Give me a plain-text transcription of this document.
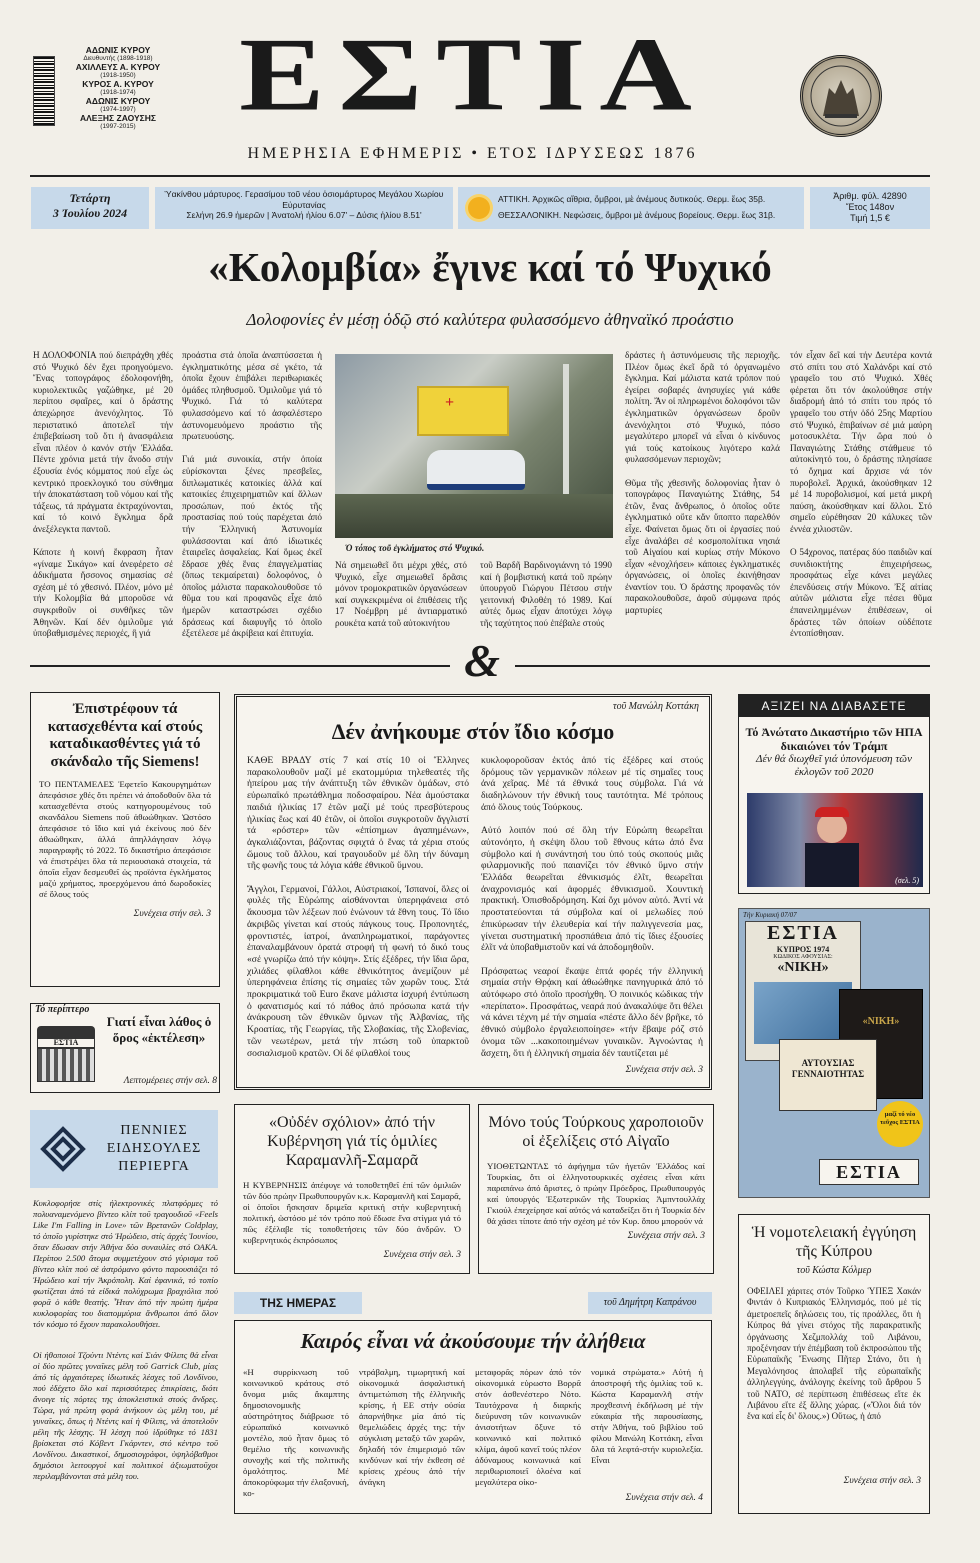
ΑΔΩΝΙΣ ΚΥΡΟΥ
Διευθυντής (1898-1918)
ΑΧΙΛΛΕΥΣ Α. ΚΥΡΟΥ
(1918-1950)
ΚΥΡΟΣ Α. ΚΥΡΟΥ
(1918-1974)
ΑΔΩΝΙΣ ΚΥΡΟΥ
(1974-1997)
ΑΛΕΞΗΣ ΖΑΟΥΣΗΣ
(1997-2015) ΕΣΤΙΑ
ΗΜΕΡΗΣΙΑ ΕΦΗΜΕΡΙΣ • ΕΤΟΣ ΙΔΡΥΣΕΩΣ 1876
Τετάρτη
3 Ἰουλίου 2024
Ὑακίνθου μάρτυρος. Γερασίμου τοῦ νέου ὁσιομάρτυρος Μεγάλου Χωρίου Εὐρυτανίας
Σελήνη 26.9 ἡμερῶν | Ἀνατολή ἡλίου 6.07' – Δύσις ἡλίου 8.51'
ΑΤΤΙΚΗ. Ἀρχικῶς αἴθρια, ὄμβροι, μὲ ἀνέμους δυτικούς. Θερμ. ἕως 35β.
ΘΕΣΣΑΛΟΝΙΚΗ. Νεφώσεις, ὄμβροι μὲ ἀνέμους βορείους. Θερμ. ἕως 31β.
Ἀριθμ. φύλ. 42890
Ἔτος 148ον
Τιμή 1,5 €
«Κολομβία» ἔγινε καί τό Ψυχικό
Δολοφονίες ἐν μέσῃ ὁδῷ στό καλύτερα φυλασσόμενο ἀθηναϊκό προάστιο
Η ΔΟΛΟΦΟΝΙΑ πού διεπράχθη χθές στό Ψυχικό δέν ἔχει προηγούμενο. Ἕνας τοπογράφος ἐδολοφονήθη, κυριολεκτικῶς γαζώθηκε, μέ 20 περίπου σφαῖρες, καί ὁ δράστης ἀπεχώρησε ἀνενόχλητος. Τό περιστατικό ἀποτελεῖ τήν ἐπιβεβαίωση τοῦ ὅτι ἡ ἀνασφάλεια εἶναι πλέον ὁ κανόν στήν Ἑλλάδα. Πέντε χρόνια μετά τήν ἄνοδο στήν ἐξουσία ἑνός κόμματος πού εἶχε ὡς κεντρικό προεκλογικό του σύνθημα τήν ἀποκατάσταση τοῦ νόμου καί τῆς τάξεως, τά πράγματα ἐκτραχύνονται, καί τό κοινό ἔγκλημα δρᾶ ἀνεξέλεγκτα παντοῦ.

Κάποτε ἡ κοινή ἔκφραση ἦταν «γίναμε Σικάγο» καί ἀνεφέρετο σέ ἀδικήματα ἥσσονος σημασίας σέ σχέση μέ τό χθεσινό. Πλέον, μόνο μέ τήν Κολομβία θά μποροῦσε νά συγκριθοῦν οἱ συνθῆκες τῶν Ἀθηνῶν. Καί δέν ὁμιλοῦμε γιά ὑποβαθμισμένες περιοχές, ἢ γιά
προάστια στά ὁποῖα ἀναπτύσσεται ἡ ἐγκληματικότης μέσα σέ γκέτο, τά ὁποῖα ἔχουν ἐπιβάλει περιθωριακές ὁμάδες πληθυσμοῦ. Ὁμιλοῦμε γιά τό Ψυχικό. Γιά τό καλύτερα φυλασσόμενο καί τό ἀσφαλέστερο ἀστυνομευόμενο προάστιο τῆς πρωτευούσης.

Γιά μιά συνοικία, στήν ὁποία εὑρίσκονται ξένες πρεσβεῖες, διπλωματικές κατοικίες ἀλλά καί κατοικίες ἐπιχειρηματιῶν καί ἄλλων προσώπων, πού ἐκτός τῆς προστασίας πού τούς παρέχεται ἀπό τήν Ἑλληνική Ἀστυνομία φυλάσσονται καί ἀπό ἰδιωτικές ἑταιρεῖες ἀσφαλείας. Καί ὅμως ἐκεῖ ἔδρασε χθές ἕνας ἐπαγγελματίας (ὅπως τεκμαίρεται) δολοφόνος, ὁ ὁποῖος μάλιστα παρακολουθοῦσε τό θῦμα του καί προφανῶς εἶχε ἀπό ἡμερῶν καταστρώσει σχέδιο δράσεως καί διαφυγῆς τό ὁποῖο ἐξετέλεσε μέ ἀκρίβεια καί ἐπιτυχία.
+
Ὁ τόπος τοῦ ἐγκλήματος στό Ψυχικό.
Νά σημειωθεῖ ὅτι μέχρι χθές, στό Ψυχικό, εἶχε σημειωθεῖ δρᾶσις μόνον τρομοκρατικῶν ὀργανώσεων καί συγκεκριμένα οἱ ἐπιθέσεις τῆς 17 Νοέμβρη μέ ἀντιαρματικό ρουκέτα κατά τοῦ αὐτοκινήτου
τοῦ Βαρδῆ Βαρδινογιάννη τό 1990 καί ἡ βομβιστική κατά τοῦ πρώην ὑπουργοῦ Γιώργου Πέτσου στήν γειτονική Φιλοθέη τό 1989. Καί αὐτές ὅμως εἶχαν ἀποτύχει λόγῳ τῆς ταχύτητος πού ἐπέβαλε στούς
δράστες ἡ ἀστυνόμευσις τῆς περιοχῆς. Πλέον ὅμως ἐκεῖ δρᾶ τό ὀργανωμένο ἔγκλημα. Καί μάλιστα κατά τρόπον πού ἐγείρει σοβαρές ἀνησυχίες γιά κάθε πολίτη. Ἄν οἱ πληρωμένοι δολοφόνοι τῶν ἐγκληματικῶν ὀργανώσεων δροῦν ἀνενόχλητοι στό Ψυχικό, πόσο μεγαλύτερο μπορεῖ νά εἶναι ὁ κίνδυνος γιά τούς κατοίκους λιγότερο καλά φυλασσόμενων περιοχῶν;

Θῦμα τῆς χθεσινῆς δολοφονίας ἦταν ὁ τοπογράφος Παναγιώτης Στάθης, 54 ἐτῶν, ἕνας ἄνθρωπος, ὁ ὁποῖος οὔτε ἐγκληματικό οὔτε κἄν ὕποπτο παρελθόν εἶχε. Φαίνεται ὅμως ὅτι οἱ ἐργασίες πού εἶχε ἀναλάβει σέ κοσμοπολίτικα νησιά τοῦ Αἰγαίου καί κυρίως στήν Μύκονο εἶχαν «ἐνοχλήσει» κάποιες ἐγκληματικές ὀργανώσεις, οἱ ὁποῖες ἐκινήθησαν ἐναντίον του. Ὁ δράστης προφανῶς τόν παρακολουθοῦσε, ἀφοῦ σύμφωνα πρός μαρτυρίες
τόν εἶχαν δεῖ καί τήν Δευτέρα κοντά στό σπίτι του στό Χαλάνδρι καί στό γραφεῖο του στό Ψυχικό. Χθές φέρεται ὅτι τόν ἀκολούθησε στήν διαδρομή ἀπό τό σπίτι του πρός τό γραφεῖο του στήν ὁδό 25ης Μαρτίου στό Ψυχικό, ἐπιβαίνων σέ μιά μαύρη μοτοσυκλέτα. Τήν ὥρα πού ὁ Παναγιώτης Στάθης στάθμευε τό αὐτοκίνητό του, ὁ δράστης πλησίασε τό ὄχημα καί ἄρχισε νά τόν πυροβολεῖ. Ἀρχικά, ἀκούσθηκαν 12 μέ 14 πυροβολισμοί, καί μετά μικρή παύση, ἀκούσθηκαν καί ἄλλοι. Στό σημεῖο εὑρέθησαν 20 κάλυκες τῶν ἐννέα χιλιοστῶν.

Ο 54χρονος, πατέρας δύο παιδιῶν καί συνιδιοκτήτης ἐπιχειρήσεως, προσφάτως εἶχε κάνει μεγάλες ἐπενδύσεις στήν Μύκονο. Ἐξ αἰτίας αὐτῶν μάλιστα εἶχε πέσει θῦμα ἐπανειλημμένων ἐπιθέσεων, οἱ δράστες τῶν ὁποίων οὐδέποτε ἐντοπίσθησαν.
&
Ἐπιστρέφουν τά κατασχεθέντα καί στούς καταδικασθέντες γιά τό σκάνδαλο τῆς Siemens!
ΤΟ ΠΕΝΤΑΜΕΛΕΣ Ἐφετεῖο Κακουργημάτων ἀπεφάσισε χθές ὅτι πρέπει νά ἀποδοθοῦν ὅλα τά κατασχεθέντα στούς κατηγορουμένους τοῦ σκανδάλου Siemens ποῦ ἀθωώθηκαν. Ὡστόσο ἀπεφάσισε τό ἴδιο καί γιά ἐκείνους πού δέν ἀθωώθηκαν, ἀλλά ἀπηλλάγησαν λόγῳ παραγραφῆς τό 2022. Τό δικαστήριο ἀπεφάσισε νά ἐπιστρέψει ὅλα τά περιουσιακά στοιχεία, τά ὁποῖα εἶχαν δεσμευθεῖ ὡς προϊόντα ἐγκλήματος μαζύ χρήματος, προερχόμενου ἀπό δωροδοκίες σέ ὅλους τούς
Συνέχεια στήν σελ. 3
Τό περίπτερο
ΕΣΤΙΑ
Γιατί εἶναι λάθος ὁ ὅρος «ἐκτέλεση»
Λεπτομέρειες στήν σελ. 8
ΠΕΝΝΙΕΣ ΕΙΔΗΣΟΥΛΕΣ ΠΕΡΙΕΡΓΑ
Κυκλοφορήσε στίς ἠλεκτρονικές πλατφόρμες τό πολυαναμενόμενο βίντεο κλίπ τοῦ τραγουδιοῦ «Feels Like I'm Falling in Love» τῶν Βρετανῶν Coldplay, τό ὁποῖο γυρίστηκε στό Ἡρώδειο, στίς ἀρχές Ἰουνίου, ὅταν ἔδωσαν στήν Ἀθήνα δύο συναυλίες στό ΟΑΚΑ. Περίπου 2.500 ἄτομα συμμετέχουν στό γύρισμα τοῦ βίντεο κλίπ πού σέ ἀστρόμανο φόντο παρουσιάζει τό Ἡρώδειο καί τήν Ἀκρόπολη. Καί ἐφανικά, τό τοπίο φωτίζεται ἀπό τά εἰδικά πολύχρωμα βραχιόλια πού φορᾶ ὁ κάθε θεατής. Ἦταν ἀπό τήν πρώτη ἡμέρα κυκλοφορίας του διαπομμύρια ἄνθρωποι ἀπό ὅλον τόν κόσμο τό ἔχουν παρακολουθήσει.
Οἱ ἠθοποιοί Τζούντι Ντέντς καί Σιάν Φίλιπς θά εἶναι οἱ δύο πρῶτες γυναῖκες μέλη τοῦ Garrick Club, μίας ἀπό τίς ἀρχαιότερες ἰδιωτικές λέσχες τοῦ Λονδίνου, πού ἐδέχετο ὅλο καί περισσότερες ἐπικρίσεις, διότι ἄνοιγε τίς πόρτες της ἀποκλειστικά στούς ἄνδρες. Τώρα, γιά πρώτη φορά ἀνήκουν ὡς μέλη του, μέ γυναῖκες, ὅπως ἡ Ντέντς καί ἡ Φίλιπς, νά ἀποτελοῦν μέλη τῆς λέσχης. Ἡ λέσχη πού ἱδρύθηκε τό 1831 βρίσκεται στό Κόβεντ Γκάρντεν, στό κέντρο τοῦ Λονδίνου. Δικαστικοί, δημοσιογράφοι, ὑψηλόβαθμοι δημόσιοι λειτουργοί καί πολιτικοί ἀξιωματοῦχοι περιλαμβάνονται στά μέλη του.
τοῦ Μανώλη Κοττάκη
Δέν ἀνήκουμε στόν ἴδιο κόσμο
ΚΑΘΕ ΒΡΑΔΥ στίς 7 καί στίς 10 οἱ Ἕλληνες παρακολουθοῦν μαζί μέ εκατομμύρια τηλεθεατές τῆς ἠπείρου μας τήν ἀνάπτυξη τῶν ἐθνικῶν ὁμάδων, στό εὐρωπαϊκό πρωτάθλημα ποδοσφαίρου. Νέα ἀμούστακα παιδιά ἡλικίας 17 ἐτῶν μαζί μέ τούς πρεσβύτερους ἡλικίας ἕως καί 40 ἐτῶν, οἱ ὁποῖοι συγκροτοῦν ἄγγλιστί τά «ρόστερ» τῶν «ἐπίσημων ἀγαπημένων», ἀγκαλιάζονται, βάζοντας σφιχτά ὁ ἕνας τά χέρια στούς ὤμους τοῦ ἄλλου, καί τραγουδοῦν μέ ὅλη τήν δύναμη τῆς φωνῆς τους τά λόγια κάθε ἐθνικοῦ ὕμνου.

Ἄγγλοι, Γερμανοί, Γάλλοι, Αὐστριακοί, Ἰσπανοί, ὅλες οἱ φυλές τῆς Εὐρώπης αἰσθάνονται ὑπερηφάνεια στό ἄκουσμα τῶν λέξεων πού ἑνώνουν τά ἔθνη τους. Τό ἴδιο ἀκριβῶς γίνεται καί στούς πάγκους τους. Προπονητές, φροντιστές, ἰατροί, ἀναπληρωματικοί, παράγοντες ἐπαναλαμβάνουν ὀρατά στροφή τή φωνή τό δικό τους «σέ γνωρίζω ἀπό τήν κόψη». Στίς ἐξέδρες, τήν ἴδια ὥρα, χιλιάδες φίλαθλοι κάθε ἐθνικότητος ἀνεμίζουν μέ ὑπερηφάνεια ἐπίσης τίς σημαίες τῶν χωρῶν τους. Στά προκριματικά τοῦ Euro ἔκανε μάλιστα ἰσχυρή ἐντύπωση ὁ φανατισμός καί τό πάθος ἀπό πρόσωπα κατά τήν ἀνάκρουση τῶν ἐθνικῶν ὕμνων τῆς Ἀλβανίας, τῆς Κροατίας, τῆς Γεωργίας, τῆς Σλοβακίας, τῆς Σλοβενίας, τῶν νεωτέρων, μετά τήν πτώση τοῦ ὑπαρκτοῦ σοσιαλισμοῦ κρατῶν. Οἱ δέ φίλαθλοί τους
κυκλοφοροῦσαν ἐκτός ἀπό τίς ἐξέδρες καί στούς δρόμους τῶν γερμανικῶν πόλεων μέ τίς σημαῖες τους ἀνά χεῖρας. Μέ τά ἐθνικά τους σύμβολα. Γιά νά διαδηλώνουν τήν ἐθνική τους ταυτότητα. Μέ τρόπους ἀπό ὅλους τούς Τούρκους.

Αὐτό λοιπόν πού σέ ὅλη τήν Εὐρώπη θεωρεῖται αὐτονόητο, ἡ σκέψη ὅλου τοῦ ἔθνους κάτω ἀπό ἕνα σύμβολο καί ἡ συνάντησή του ὑπό τούς σκοπούς μιᾶς φιλαρμονικῆς πού παιανίζει τόν ἐθνικό ὕμνο στήν Ἑλλάδα θεωρεῖται ἐθνικισμός ἐλῖτ, θεωρεῖται ἀναχρονισμός καί ἀφορμές ἐθνικισμοῦ. Χουντική πρακτική. Ὀπισθοδρόμηση. Καί ὄχι μόνον αὐτό. Ἀντί νά προστατεύονται τά σύμβολα καί οἱ μελωδίες πού ἐπικύρωσαν τήν ἐλευθερία καί τήν παλιγγενεσία μας, γίνεται συστηματική προσπάθεια ἀπό τίς ἴδιες ἐξουσίες ἐλῖτ νά ὑποβαθμιστοῦν καί νά ἀποδομηθοῦν.

Πρόσφατως νεαροί ἔκαψε ἑπτά φορές τήν ἑλληνική σημαία στήν Θρᾴκη καί ἀθωώθηκε πανηγυρικά ἀπό τό αὐτόφωρο στό ὁποῖο προσήχθη. Ὁ ποινικός κώδικας τήν «περίπατο». Προσφάτως, νεαρά πού ἀνακαλύψε ὅτι θέλει νά κάνει τέχνη μέ τήν σημαία «πέστε ἄλλο δέν βρῆκε, τό ἐθνικό σύμβολο ἐργαλειοποίησε» «τήν ἔβαψε ρόζ στό όνομα τῶν ...κακοποιημένων γυναικῶν. Ἀγνοώντας ἡ ἄσχετη, ὅτι ἡ ἑλληνική σημαία δέν ταυτίζεται μέ
Συνέχεια στήν σελ. 3
ΑΞΙΖΕΙ ΝΑ ΔΙΑΒΑΣΕΤΕ
Τό Ἀνώτατο Δικαστήριο τῶν ΗΠΑ δικαιώνει τόν Τράμπ
Δέν θά διωχθεῖ γιά ὑπονόμευση τῶν ἐκλογῶν τοῦ 2020
(σελ. 5)
Τήν Κυριακή 07/07
ΕΣΤΙΑ
ΚΥΠΡΟΣ 1974
ΚΩΔΙΚΟΣ ΑΦΟΥΣΙΑΣ:
«ΝΙΚΗ»
«ΝΙΚΗ»
ΑΥΤΟΥΣΙΑΣ ΓΕΝΝΑΙΟΤΗΤΑΣ
μαζί τό νέο τεῦχος ΕΣΤΙΑ
ΕΣΤΙΑ
«Οὐδέν σχόλιον» ἀπό τήν Κυβέρνηση γιά τίς ὁμιλίες Καραμανλῆ-Σαμαρᾶ
Η ΚΥΒΕΡΝΗΣΙΣ ἀπέφυγε νά τοποθετηθεῖ ἐπί τῶν ὁμιλιῶν τῶν δύο πρώην Πρωθυπουργῶν κ.κ. Καραμανλῆ καί Σαμαρᾶ, οἱ ὁποῖοι ἤσκησαν δριμεῖα κριτική στήν κυβερνητική πολιτική, ὡστόσο μέ τόν τρόπο πού ἔδωσε ἕνα στίγμα γιά τό πῶς ἐξέλαβε τίς τοποθετήσεις τῶν δύο ἀνδρῶν. Ὁ κυβερνητικός ἐκπρόσωπος
Συνέχεια στήν σελ. 3
Μόνο τούς Τούρκους χαροποιοῦν οἱ ἐξελίξεις στό Αἰγαῖο
ΥΙΟΘΕΤΩΝΤΑΣ τό ἀφήγημα τῶν ἡγετῶν Ἑλλάδος καί Τουρκίας, ὅτι οἱ ἑλληνοτουρκικές σχέσεις εἶναι κάτι παραπάνω ἀπό ἄριστες, ὁ πρώην Πρόεδρος, Πρωθυπουργός καί ὑπουργός Ἐξωτερικῶν τῆς Τουρκίας Ἀμπντουλλάχ Γκιούλ ἐπεχείρησε καί αὐτός νά καταδείξει ὅτι ἡ Τουρκία δέν θά χάσει τίποτε ἀπό τήν σχέση μέ τόν Κυρ. ὅπου μπορούν νά
Συνέχεια στήν σελ. 3
ΤΗΣ ΗΜΕΡΑΣ	τοῦ Δημήτρη Καπράνου
Καιρός εἶναι νά ἀκούσουμε τήν ἀλήθεια
«Η συρρίκνωση τοῦ κοινωνικοῦ κράτους στό ὄνομα μιᾶς ἄκαμπτης δημοσιονομικῆς αὐστηρότητος διάβρωσε τό εὐρωπαϊκό κοινωνικό μοντέλο, πού ἦταν ὅμως τό θεμέλιο τῆς κοινωνικῆς συνοχῆς καί τῆς πολιτικῆς ὁμαλότητος. Μέ ἀποκορύφωμα τήν ἐλαξονική, κο-
ντράβαλμη, τιμωρητική καί οἰκονομικά ἀσφαλιστική ἀντιμετώπιση τῆς ἑλληνικῆς κρίσης, ἡ ΕΕ στήν οὐσία ἀπαρνήθηκε μία ἀπό τίς θεμελιώδεις ἀρχές της: τήν σύγκλιση μεταξύ τῶν χωρῶν, δηλαδή τόν ἐπιμερισμό τῶν κινδύνων καί τήν ἐκθεση σέ κρίσεις χρέους ἀπό τήν ἀνάγκη
μεταφορᾶς πόρων ἀπό τόν οἰκονομικά εὐρωστο Βορρᾶ στόν ἀσθενέστερο Νότο. Ταυτόχρονα ἡ διαρκής διεύρυνση τῶν κοινωνικῶν ἀνισοτήτων ὅξυνε τό κοινωνικό καί πολιτικό κλίμα, ἀφοῦ κανεῖ τούς πλέον ἀδύναμους κοινωνικά καί περιθωριοποιεῖ ὁλοένα καί μεγαλύτερα οἰκο-
νομικά στρώματα.» Αὐτή ἡ ἀποστροφή τῆς ὁμιλίας τοῦ κ. Κώστα Καραμανλῆ στήν προχθεσινή ἐκδήλωση μέ τήν εὐκαιρία τῆς παρουσίασης, στήν Ἀθήνα, τοῦ βιβλίου τοῦ φίλου Μανώλη Κοττάκη, εἶναι ὅλα τά λεφτά-στήν κυριολεξία. Εἶναι
Συνέχεια στήν σελ. 4
Ἡ νομοτελειακή ἐγγύηση τῆς Κύπρου
τοῦ Κώστα Κόλμερ
ΟΦΕΙΛΕΙ χάριτες στόν Τοῦρκο ὙΠΕΞ Χακάν Φιντάν ὁ Κυπριακός Ἑλληνισμός, πού μέ τίς ἀμετροεπεῖς δηλώσεις του, τίς προάλλες, ὅτι ἡ Κύπρος θά γίνει στόχος τῆς παρακρατικῆς ὀργάνωσης Χεζμπολλάχ τοῦ Λιβάνου, προξένησαν τήν ἐπέμβαση τοῦ ἐκπροσώπου τῆς Εὐρωπαϊκῆς Ἕνωσης Πῆτερ Στάνο, ὅτι ἡ Μεγαλόνησος ἀπολαβεῖ τῆς εὐρωπαϊκῆς ἀλληλεγγύης, ἀνάλογης ἐκείνης τοῦ ἄρθρου 5 τοῦ ΝΑΤΟ, σέ περίπτωση ἐπιθέσεως εἴτε ἐκ Λιβάνου εἴτε ἐξ ἄλλης χώρας. («Ὅλοι διά τόν ἕνα καί εἷς δι' ὅλους.») Οὕτως, ἡ ἀπό
Συνέχεια στήν σελ. 3
